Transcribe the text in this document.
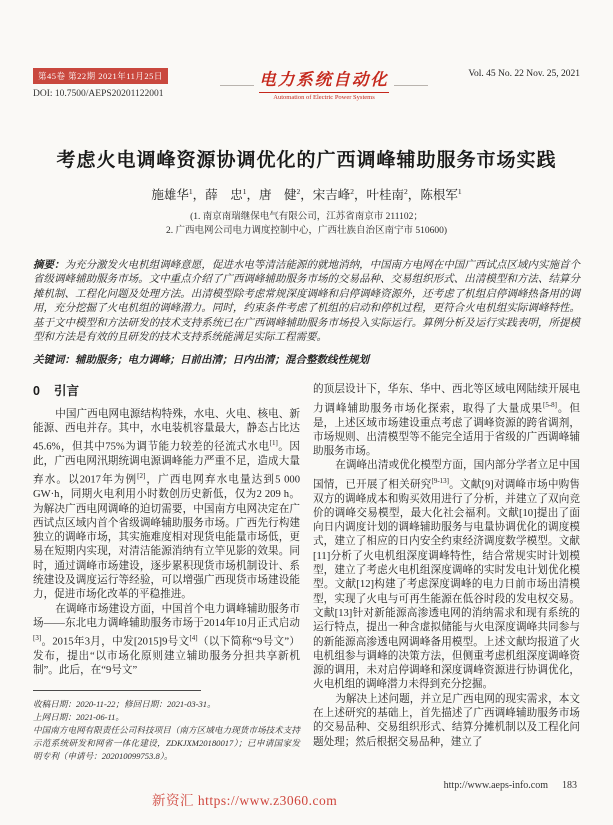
第45卷 第22期 2021年11月25日
DOI: 10.7500/AEPS20201122001
电力系统自动化
Automation of Electric Power Systems
Vol. 45 No. 22 Nov. 25, 2021
考虑火电调峰资源协调优化的广西调峰辅助服务市场实践
施雄华$^1$，薛　忠$^1$，唐　健$^2$，宋吉峰$^2$，叶桂南$^2$，陈根军$^1$
(1. 南京南瑞继保电气有限公司，江苏省南京市 211102；
2. 广西电网公司电力调度控制中心，广西壮族自治区南宁市 510600)
摘要：为充分激发火电机组调峰意愿，促进水电等清洁能源的就地消纳，中国南方电网在中国广西试点区域内实施首个省级调峰辅助服务市场。文中重点介绍了广西调峰辅助服务市场的交易品种、交易组织形式、出清模型和方法、结算分摊机制、工程化问题及处理方法。出清模型除考虑常规深度调峰和启停调峰资源外，还考虑了机组启停调峰热备用的调用，充分挖掘了火电机组的调峰潜力。同时，约束条件考虑了机组的启动和停机过程，更符合火电机组实际调峰特性。基于文中模型和方法研发的技术支持系统已在广西调峰辅助服务市场投入实际运行。算例分析及运行实践表明，所提模型和方法是有效的且研发的技术支持系统能满足实际工程需要。
关键词：辅助服务；电力调峰；日前出清；日内出清；混合整数线性规划
0 引言

中国广西电网电源结构特殊，水电、火电、核电、新能源、西电并存。其中，水电装机容量最大，静态占比达45.6%，但其中75%为调节能力较差的径流式水电[1]。因此，广西电网汛期统调电源调峰能力严重不足，造成大量弃水。以2017年为例[2]，广西电网弃水电量达到5 000 GW·h，同期火电利用小时数创历史新低，仅为2 209 h。为解决广西电网调峰的迫切需要，中国南方电网决定在广西试点区域内首个省级调峰辅助服务市场。广西先行构建独立的调峰市场，其实施难度相对现货电能量市场低，更易在短期内实现，对清洁能源消纳有立竿见影的效果。同时，通过调峰市场建设，逐步累积现货市场机制设计、系统建设及调度运行等经验，可以增强广西现货市场建设能力，促进市场化改革的平稳推进。

在调峰市场建设方面，中国首个电力调峰辅助服务市场——东北电力调峰辅助服务市场于2014年10月正式启动[3]。2015年3月，中发[2015]9号文[4]（以下简称“9号文”）发布，提出“以市场化原则建立辅助服务分担共享新机制”。此后，在“9号文”

收稿日期：2020-11-22；修回日期：2021-03-31。
上网日期：2021-06-11。
中国南方电网有限责任公司科技项目（南方区域电力现货市场技术支持示范系统研发和网省一体化建设，ZDKJXM20180017）；已申请国家发明专利（申请号：202010099753.8）。

的顶层设计下，华东、华中、西北等区域电网陆续开展电力调峰辅助服务市场化探索，取得了大量成果[5-8]。但是，上述区域市场建设重点考虑了调峰资源的跨省调剂，市场规则、出清模型等不能完全适用于省级的广西调峰辅助服务市场。

在调峰出清或优化模型方面，国内部分学者立足中国国情，已开展了相关研究[9-13]。文献[9]对调峰市场中购售双方的调峰成本和购买效用进行了分析，并建立了双向竞价的调峰交易模型，最大化社会福利。文献[10]提出了面向日内调度计划的调峰辅助服务与电量协调优化的调度模式，建立了相应的日内安全约束经济调度数学模型。文献[11]分析了火电机组深度调峰特性，结合常规实时计划模型，建立了考虑火电机组深度调峰的实时发电计划优化模型。文献[12]构建了考虑深度调峰的电力日前市场出清模型，实现了火电与可再生能源在低谷时段的发电权交易。文献[13]针对新能源高渗透电网的消纳需求和现有系统的运行特点，提出一种含虚拟储能与火电深度调峰共同参与的新能源高渗透电网调峰备用模型。上述文献均报道了火电机组参与调峰的决策方法，但侧重考虑机组深度调峰资源的调用，未对启停调峰和深度调峰资源进行协调优化，火电机组的调峰潜力未得到充分挖掘。

为解决上述问题，并立足广西电网的现实需求，本文在上述研究的基础上，首先描述了广西调峰辅助服务市场的交易品种、交易组织形式、结算分摊机制以及工程化问题处理；然后根据交易品种，建立了

http://www.aeps-info.com 183
新资汇 https://www.z3060.com
